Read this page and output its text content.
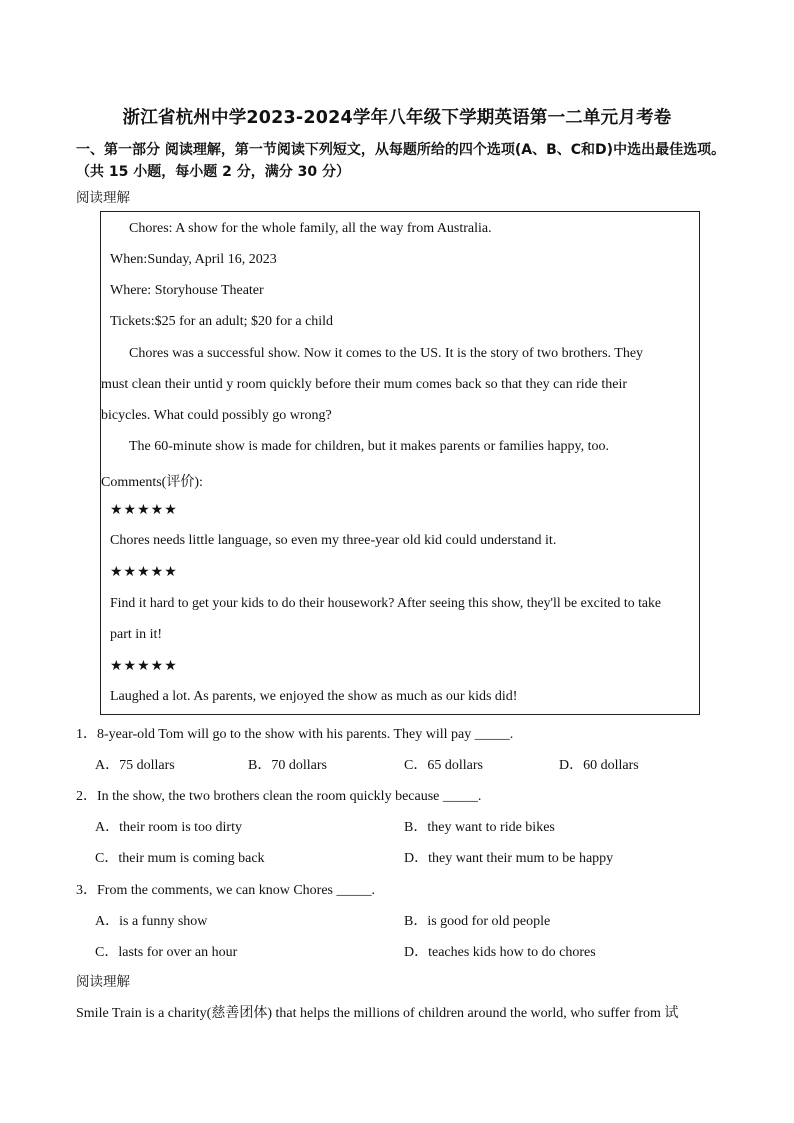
浙江省杭州中学2023-2024学年八年级下学期英语第一二单元月考卷
一、第一部分 阅读理解，第一节阅读下列短文，从每题所给的四个选项(A、B、C和D)中选出最佳选项。（共 15 小题，每小题 2 分，满分 30 分）
阅读理解
Chores: A show for the whole family, all the way from Australia.
When:Sunday, April 16, 2023
Where: Storyhouse Theater
Tickets:$25 for an adult; $20 for a child
Chores was a successful show. Now it comes to the US. It is the story of two brothers. They
must clean their untid y room quickly before their mum comes back so that they can ride their
bicycles. What could possibly go wrong?
The 60-minute show is made for children, but it makes parents or families happy, too.
Comments(评价):
★★★★★
Chores needs little language, so even my three-year old kid could understand it.
★★★★★
Find it hard to get your kids to do their housework? After seeing this show, they'll be excited to take
part in it!
★★★★★
Laughed a lot. As parents, we enjoyed the show as much as our kids did!
1．8-year-old Tom will go to the show with his parents. They will pay _____.
A．75 dollars	B．70 dollars	C．65 dollars	D．60 dollars
2．In the show, the two brothers clean the room quickly because _____.
A．their room is too dirty	B．they want to ride bikes
C．their mum is coming back	D．they want their mum to be happy
3．From the comments, we can know Chores _____.
A．is a funny show	B．is good for old people
C．lasts for over an hour	D．teaches kids how to do chores
阅读理解
Smile Train is a charity(慈善团体) that helps the millions of children around the world, who suffer from 试
